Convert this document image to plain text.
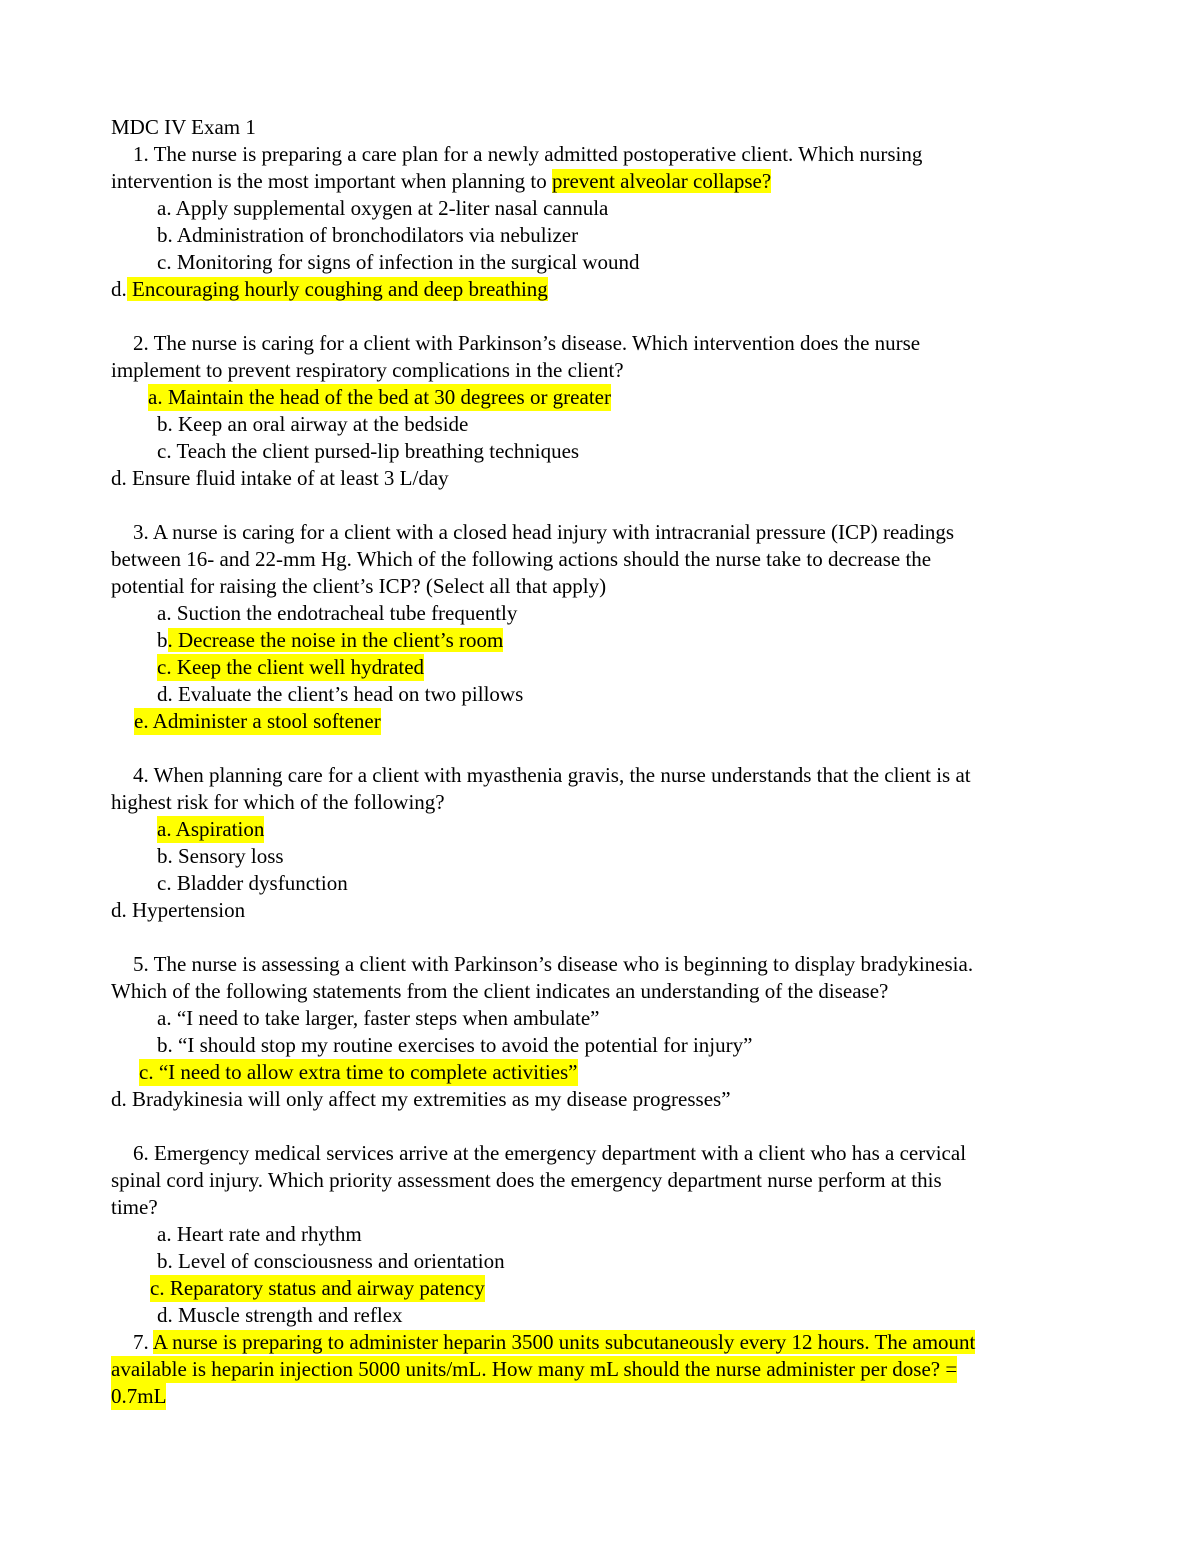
MDC IV Exam 1
1. The nurse is preparing a care plan for a newly admitted postoperative client. Which nursing
intervention is the most important when planning to prevent alveolar collapse?
a. Apply supplemental oxygen at 2-liter nasal cannula
b. Administration of bronchodilators via nebulizer
c. Monitoring for signs of infection in the surgical wound
d. Encouraging hourly coughing and deep breathing
2. The nurse is caring for a client with Parkinson’s disease. Which intervention does the nurse
implement to prevent respiratory complications in the client?
a. Maintain the head of the bed at 30 degrees or greater
b. Keep an oral airway at the bedside
c. Teach the client pursed-lip breathing techniques
d. Ensure fluid intake of at least 3 L/day
3. A nurse is caring for a client with a closed head injury with intracranial pressure (ICP) readings
between 16- and 22-mm Hg. Which of the following actions should the nurse take to decrease the
potential for raising the client’s ICP? (Select all that apply)
a. Suction the endotracheal tube frequently
b. Decrease the noise in the client’s room
c. Keep the client well hydrated
d. Evaluate the client’s head on two pillows
e. Administer a stool softener
4. When planning care for a client with myasthenia gravis, the nurse understands that the client is at
highest risk for which of the following?
a. Aspiration
b. Sensory loss
c. Bladder dysfunction
d. Hypertension
5. The nurse is assessing a client with Parkinson’s disease who is beginning to display bradykinesia.
Which of the following statements from the client indicates an understanding of the disease?
a. “I need to take larger, faster steps when ambulate”
b. “I should stop my routine exercises to avoid the potential for injury”
c. “I need to allow extra time to complete activities”
d. Bradykinesia will only affect my extremities as my disease progresses”
6. Emergency medical services arrive at the emergency department with a client who has a cervical
spinal cord injury. Which priority assessment does the emergency department nurse perform at this
time?
a. Heart rate and rhythm
b. Level of consciousness and orientation
c. Reparatory status and airway patency
d. Muscle strength and reflex
7. A nurse is preparing to administer heparin 3500 units subcutaneously every 12 hours. The amount
available is heparin injection 5000 units/mL. How many mL should the nurse administer per dose? =
0.7mL
